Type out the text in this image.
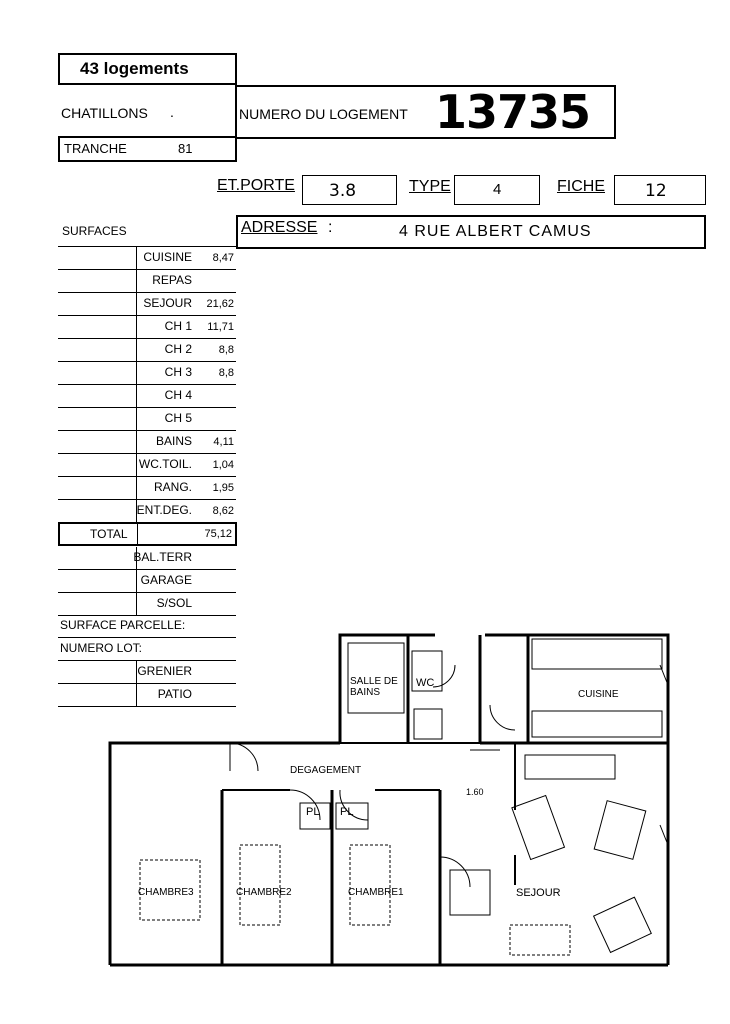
43 logements
CHATILLONS .
TRANCHE	81
NUMERO DU LOGEMENT 13735
ET.PORTE 3.8	TYPE	4	FICHE 12
ADRESSE :	4 RUE ALBERT CAMUS
SURFACES
CUISINE 8,47
REPAS
SEJOUR 21,62
CH 1 11,71
CH 2 8,8
CH 3 8,8
CH 4
CH 5
BAINS 4,11
WC.TOIL. 1,04
RANG. 1,95
ENT.DEG. 8,62
TOTAL	75,12
BAL.TERR
GARAGE
S/SOL
SURFACE PARCELLE:
NUMERO LOT:
GRENIER
PATIO
SALLE DE BAINS
WC
CUISINE
DEGAGEMENT
1.60
PL PL
CHAMBRE3	CHAMBRE2	CHAMBRE1	SEJOUR
